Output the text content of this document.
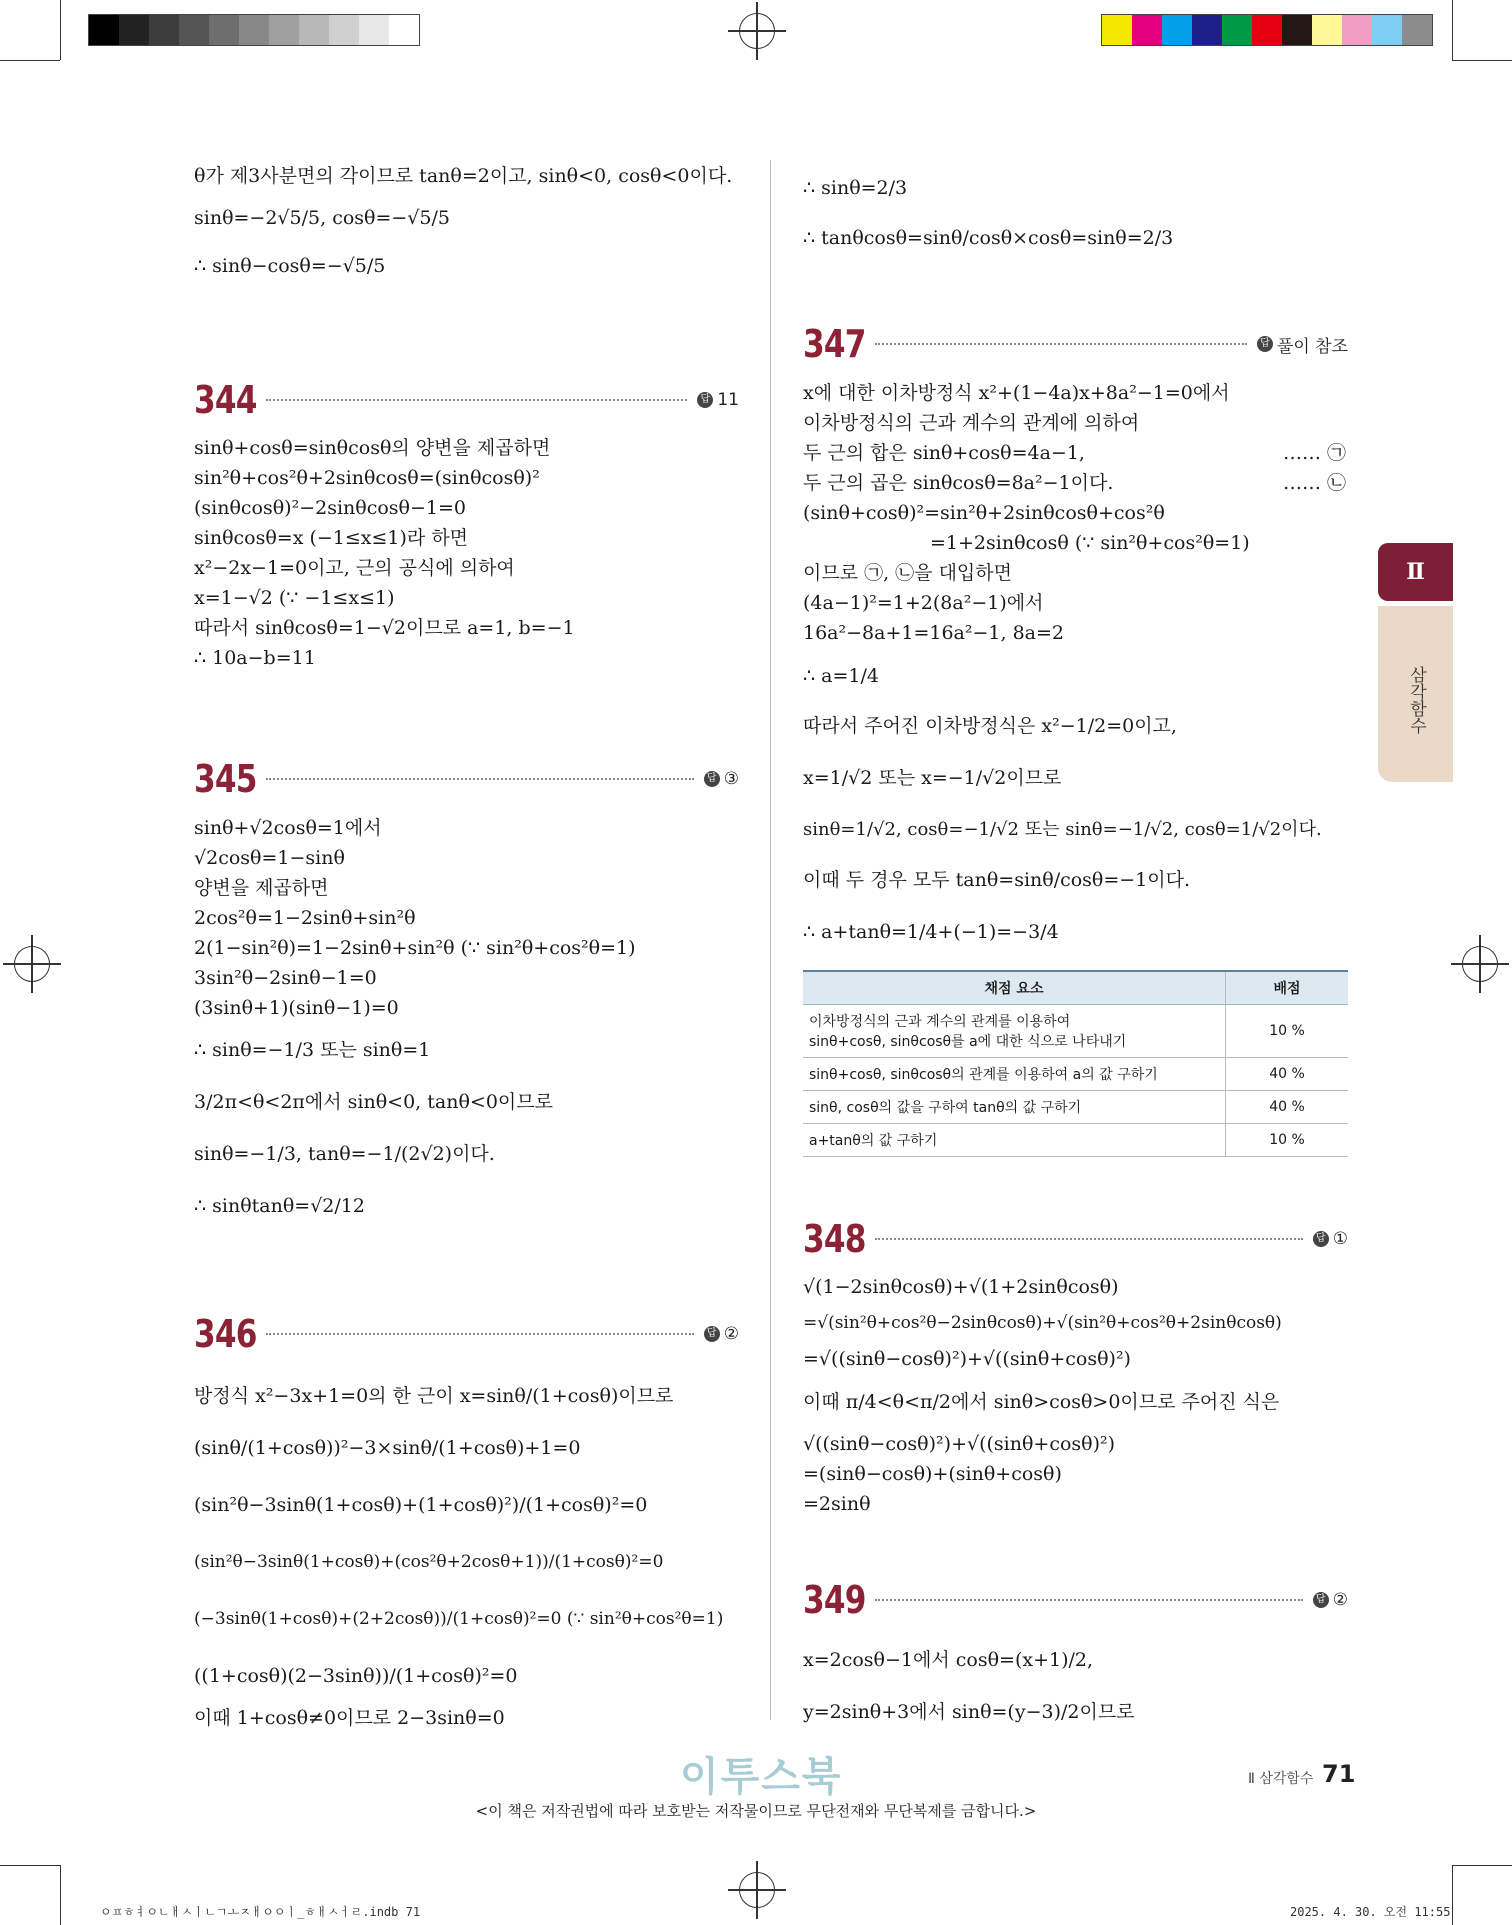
θ가 제3사분면의 각이므로 tanθ=2이고, sinθ<0, cosθ<0이다.
sinθ=−2√5/5, cosθ=−√5/5
∴ sinθ−cosθ=−√5/5
344	답 11
sinθ+cosθ=sinθcosθ의 양변을 제곱하면
sin²θ+cos²θ+2sinθcosθ=(sinθcosθ)²
(sinθcosθ)²−2sinθcosθ−1=0
sinθcosθ=x (−1≤x≤1)라 하면
x²−2x−1=0이고, 근의 공식에 의하여
x=1−√2 (∵ −1≤x≤1)
따라서 sinθcosθ=1−√2이므로 a=1, b=−1
∴ 10a−b=11
345	답 ③
sinθ+√2cosθ=1에서
√2cosθ=1−sinθ
양변을 제곱하면
2cos²θ=1−2sinθ+sin²θ
2(1−sin²θ)=1−2sinθ+sin²θ (∵ sin²θ+cos²θ=1)
3sin²θ−2sinθ−1=0
(3sinθ+1)(sinθ−1)=0
∴ sinθ=−1/3 또는 sinθ=1
3/2π<θ<2π에서 sinθ<0, tanθ<0이므로
sinθ=−1/3, tanθ=−1/(2√2)이다.
∴ sinθtanθ=√2/12
346	답 ②
방정식 x²−3x+1=0의 한 근이 x=sinθ/(1+cosθ)이므로
(sinθ/(1+cosθ))²−3×sinθ/(1+cosθ)+1=0
(sin²θ−3sinθ(1+cosθ)+(1+cosθ)²)/(1+cosθ)²=0
(sin²θ−3sinθ(1+cosθ)+(cos²θ+2cosθ+1))/(1+cosθ)²=0
(−3sinθ(1+cosθ)+(2+2cosθ))/(1+cosθ)²=0 (∵ sin²θ+cos²θ=1)
((1+cosθ)(2−3sinθ))/(1+cosθ)²=0
이때 1+cosθ≠0이므로 2−3sinθ=0
∴ sinθ=2/3
∴ tanθcosθ=sinθ/cosθ×cosθ=sinθ=2/3
347	답 풀이 참조
x에 대한 이차방정식 x²+(1−4a)x+8a²−1=0에서
이차방정식의 근과 계수의 관계에 의하여
두 근의 합은 sinθ+cosθ=4a−1,	…… ㉠
두 근의 곱은 sinθcosθ=8a²−1이다.	…… ㉡
(sinθ+cosθ)²=sin²θ+2sinθcosθ+cos²θ
=1+2sinθcosθ (∵ sin²θ+cos²θ=1)
이므로 ㉠, ㉡을 대입하면
(4a−1)²=1+2(8a²−1)에서
16a²−8a+1=16a²−1, 8a=2
∴ a=1/4
따라서 주어진 이차방정식은 x²−1/2=0이고,
x=1/√2 또는 x=−1/√2이므로
sinθ=1/√2, cosθ=−1/√2 또는 sinθ=−1/√2, cosθ=1/√2이다.
이때 두 경우 모두 tanθ=sinθ/cosθ=−1이다.
∴ a+tanθ=1/4+(−1)=−3/4
채점 요소	배점

이차방정식의 근과 계수의 관계를 이용하여
sinθ+cosθ, sinθcosθ를 a에 대한 식으로 나타내기	10 %
sinθ+cosθ, sinθcosθ의 관계를 이용하여 a의 값 구하기	40 %
sinθ, cosθ의 값을 구하여 tanθ의 값 구하기	40 %
a+tanθ의 값 구하기	10 %
348	답 ①
√(1−2sinθcosθ)+√(1+2sinθcosθ)
=√(sin²θ+cos²θ−2sinθcosθ)+√(sin²θ+cos²θ+2sinθcosθ)
=√((sinθ−cosθ)²)+√((sinθ+cosθ)²)
이때 π/4<θ<π/2에서 sinθ>cosθ>0이므로 주어진 식은
√((sinθ−cosθ)²)+√((sinθ+cosθ)²)
=(sinθ−cosθ)+(sinθ+cosθ)
=2sinθ
349	답 ②
x=2cosθ−1에서 cosθ=(x+1)/2,
y=2sinθ+3에서 sinθ=(y−3)/2이므로
Ⅱ
삼각함수
이투스북	Ⅱ 삼각함수 71
<이 책은 저작권법에 따라 보호받는 저작물이므로 무단전재와 무단복제를 금합니다.>
ㅇㅍㅎㅕㅇㄴㅐㅅㅣㄴㄱㅗㅈㅐㅇㅇㅣ_ㅎㅐㅅㅓㄹ.indb 71	2025. 4. 30. 오전 11:55
